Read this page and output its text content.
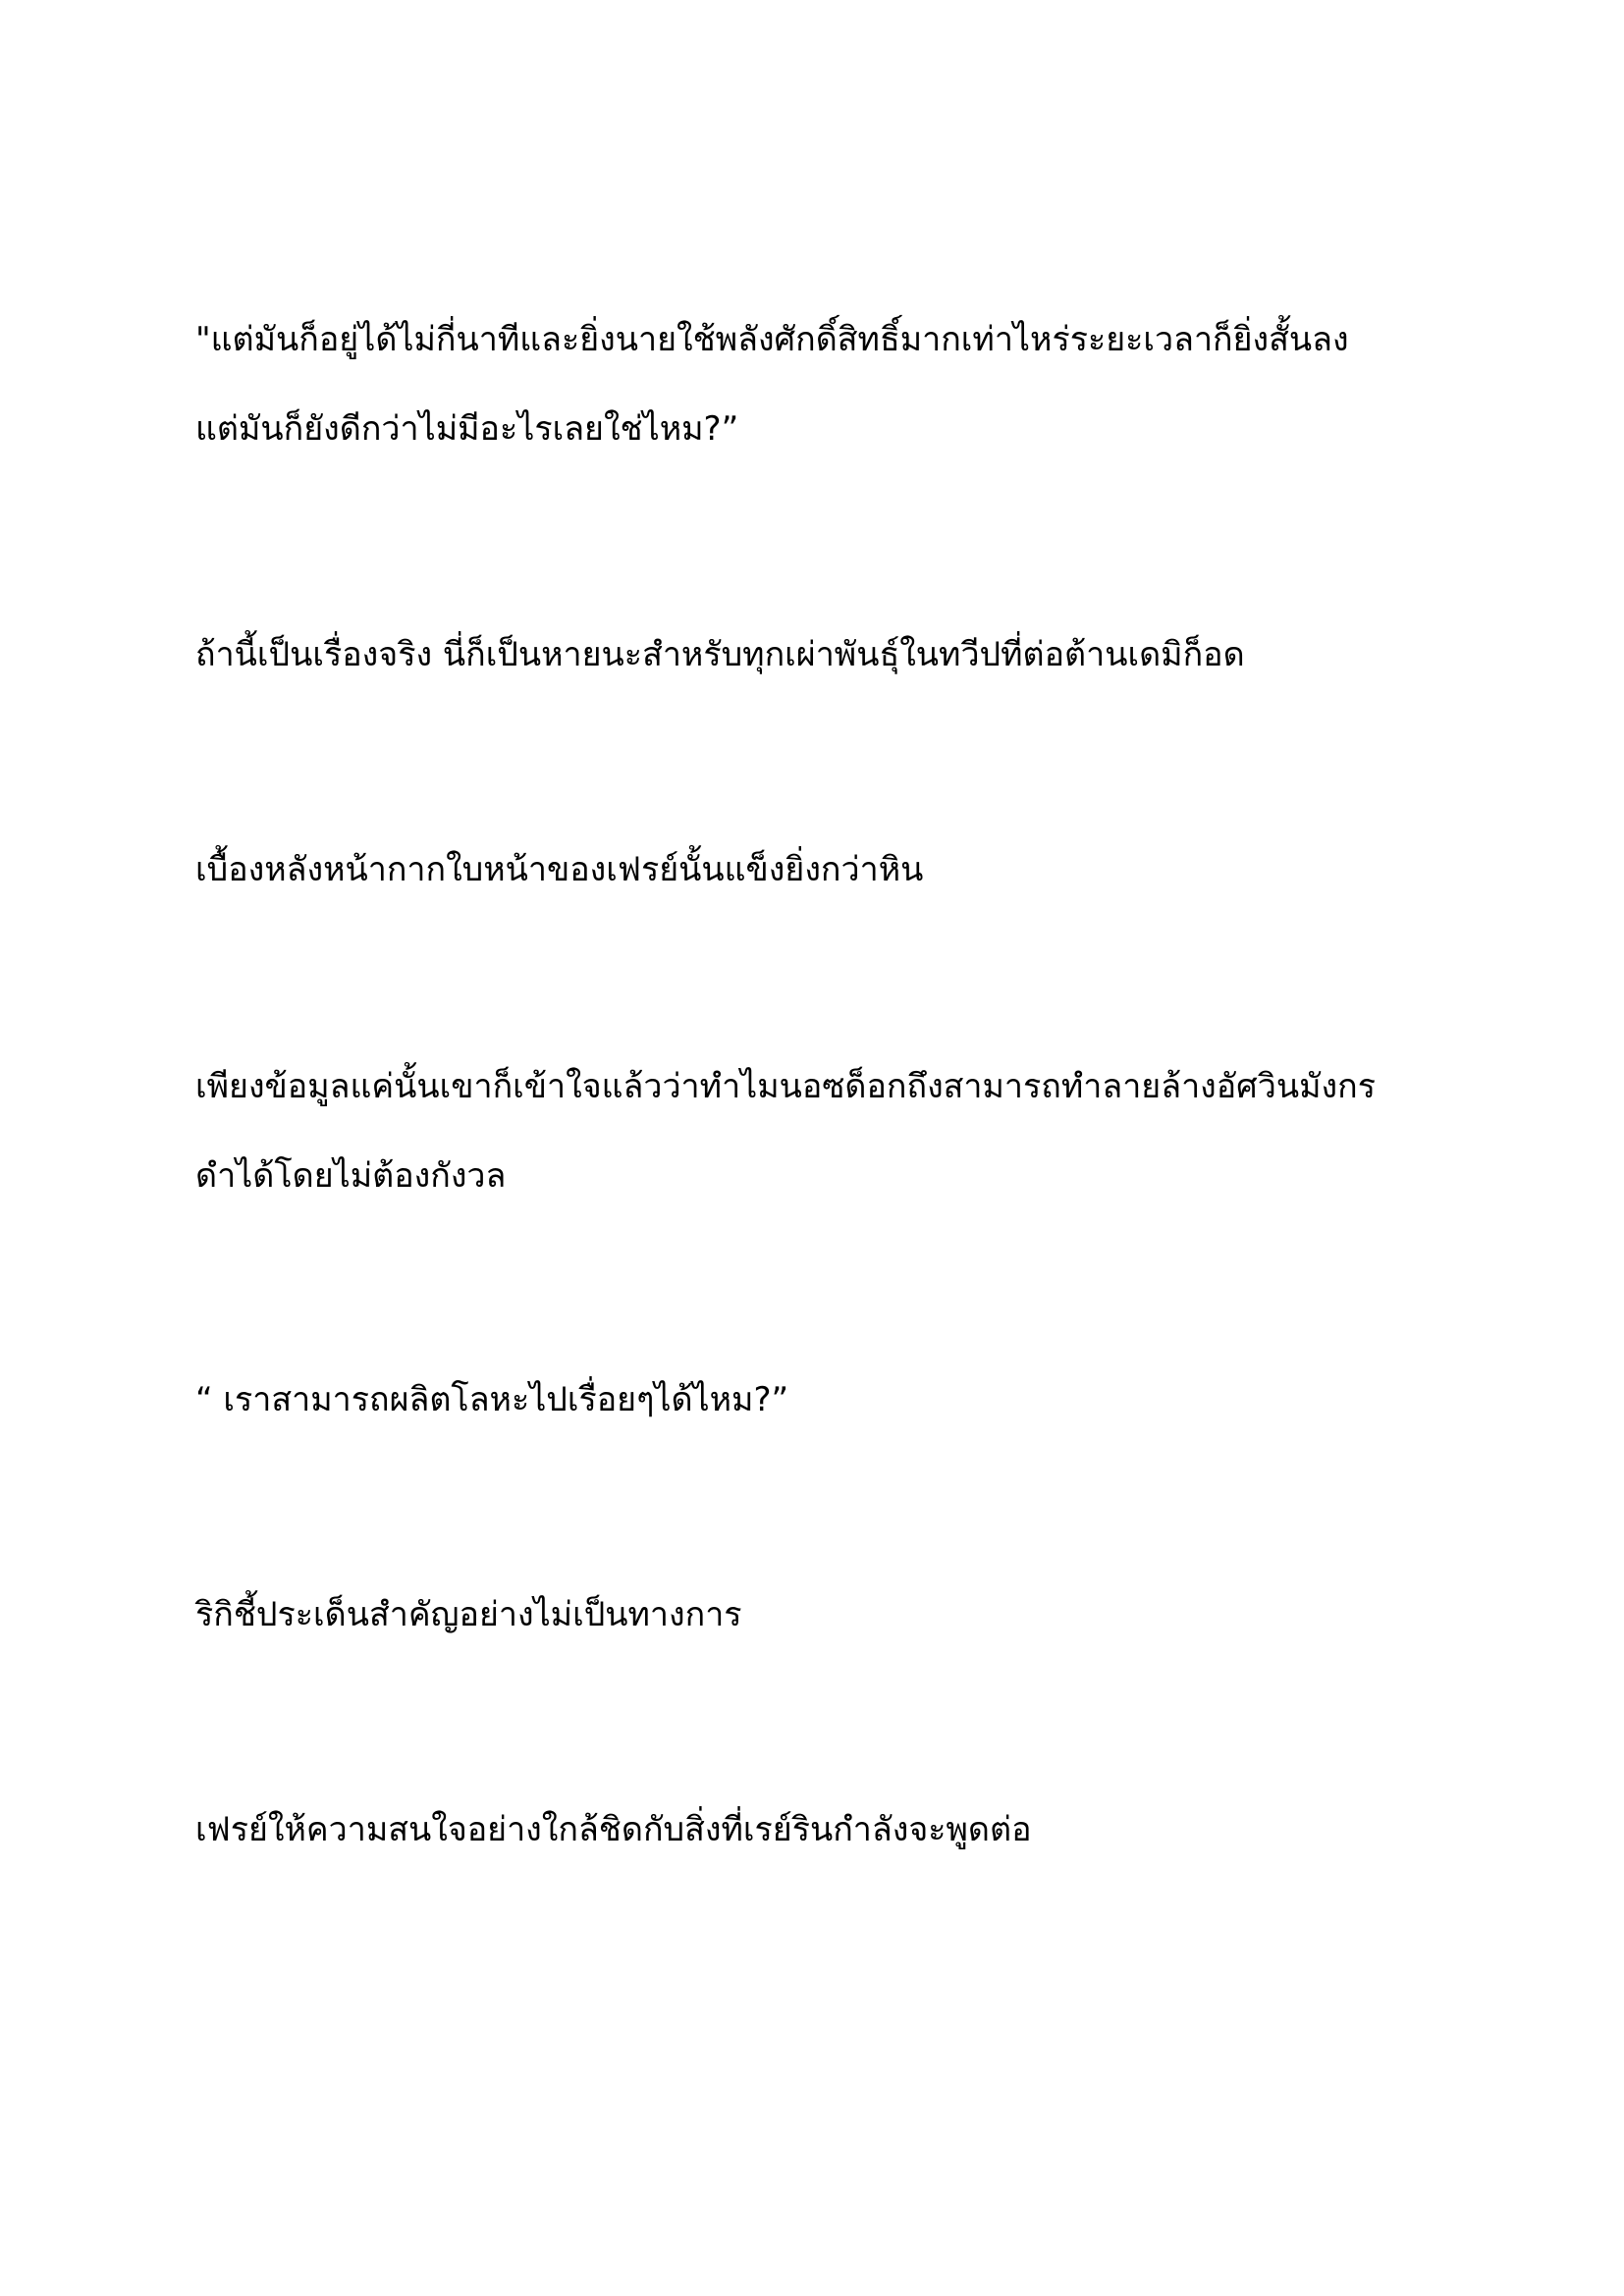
"แต่มันก็อยู่ได้ไม่กี่นาทีและยิ่งนายใช้พลังศักดิ์สิทธิ์มากเท่าไหร่ระยะเวลาก็ยิ่งสั้นลง
แต่มันก็ยังดีกว่าไม่มีอะไรเลยใช่ไหม?”

ถ้านี้เป็นเรื่องจริง นี่ก็เป็นหายนะสำหรับทุกเผ่าพันธุ์ในทวีปที่ต่อต้านเดมิก็อด

เบื้องหลังหน้ากากใบหน้าของเฟรย์นั้นแข็งยิ่งกว่าหิน

เพียงข้อมูลแค่นั้นเขาก็เข้าใจแล้วว่าทำไมนอซด็อกถึงสามารถทำลายล้างอัศวินมังกร
ดำได้โดยไม่ต้องกังวล

“ เราสามารถผลิตโลหะไปเรื่อยๆได้ไหม?”

ริกิชี้ประเด็นสำคัญอย่างไม่เป็นทางการ

เฟรย์ให้ความสนใจอย่างใกล้ชิดกับสิ่งที่เรย์รินกำลังจะพูดต่อ
